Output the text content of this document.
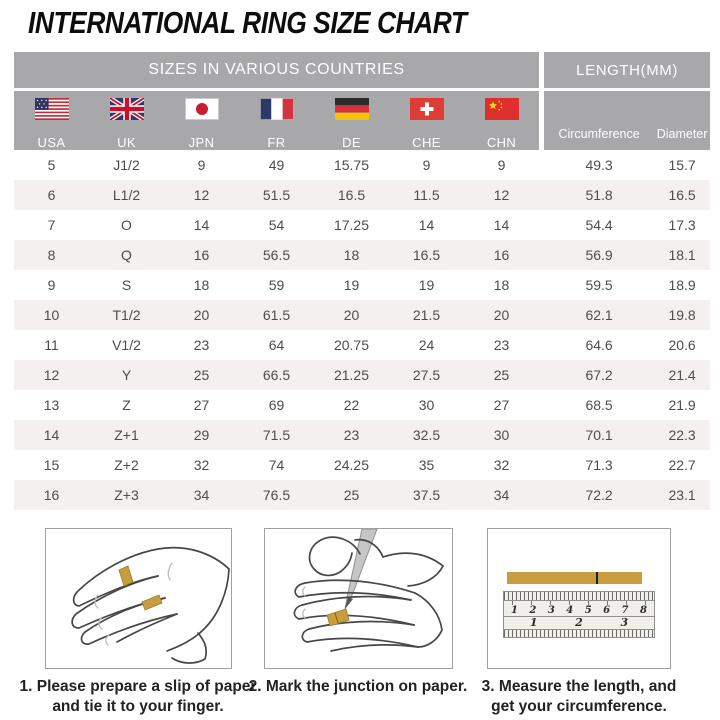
INTERNATIONAL RING SIZE CHART
SIZES IN VARIOUS COUNTRIES								LENGTH(MM)	

USA	UK	JPN	FR	DE	CHE	CHN		Circumference	Diameter

5	J1/2	9	49	15.75	9	9		49.3	15.7
6	L1/2	12	51.5	16.5	11.5	12		51.8	16.5
7	O	14	54	17.25	14	14		54.4	17.3
8	Q	16	56.5	18	16.5	16		56.9	18.1
9	S	18	59	19	19	18		59.5	18.9
10	T1/2	20	61.5	20	21.5	20		62.1	19.8
11	V1/2	23	64	20.75	24	23		64.6	20.6
12	Y	25	66.5	21.25	27.5	25		67.2	21.4
13	Z	27	69	22	30	27		68.5	21.9
14	Z+1	29	71.5	23	32.5	30		70.1	22.3
15	Z+2	32	74	24.25	35	32		71.3	22.7
16	Z+3	34	76.5	25	37.5	34		72.2	23.1
1. Please prepare a slip of paper
and tie it to your finger.
2. Mark the junction on paper.
1 2 3 4 5 6 7 8
1	2	3
3. Measure the length, and
get your circumference.
